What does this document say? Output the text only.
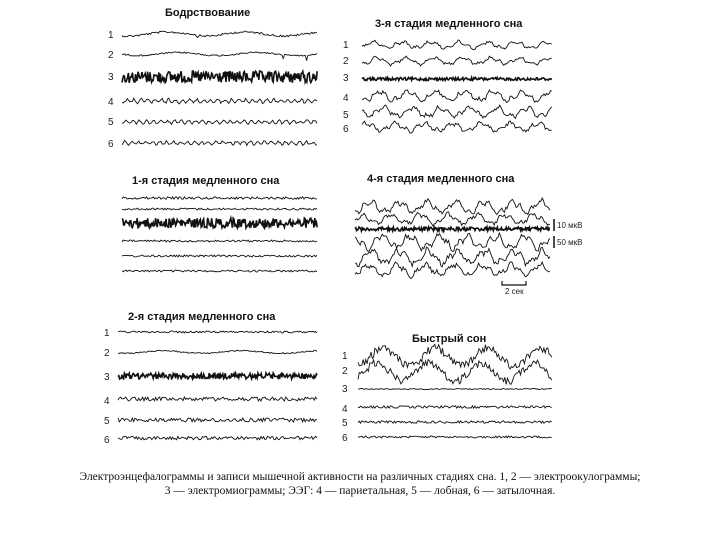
Бодрствование
1
2
3
4
5
6
3-я стадия медленного сна
1
2
3
4
5
6
1-я стадия медленного сна	4-я стадия медленного сна
10 мкВ
50 мкВ
2 сек
2-я стадия медленного сна
1
2
3
4
5
6
Быстрый сон
1
2
3
4
5
6
Электроэнцефалограммы и записи мышечной активности на различных стадиях сна. 1, 2 — электроокулограммы;
3 — электромиограммы; ЭЭГ: 4 — париетальная, 5 — лобная, 6 — затылочная.
